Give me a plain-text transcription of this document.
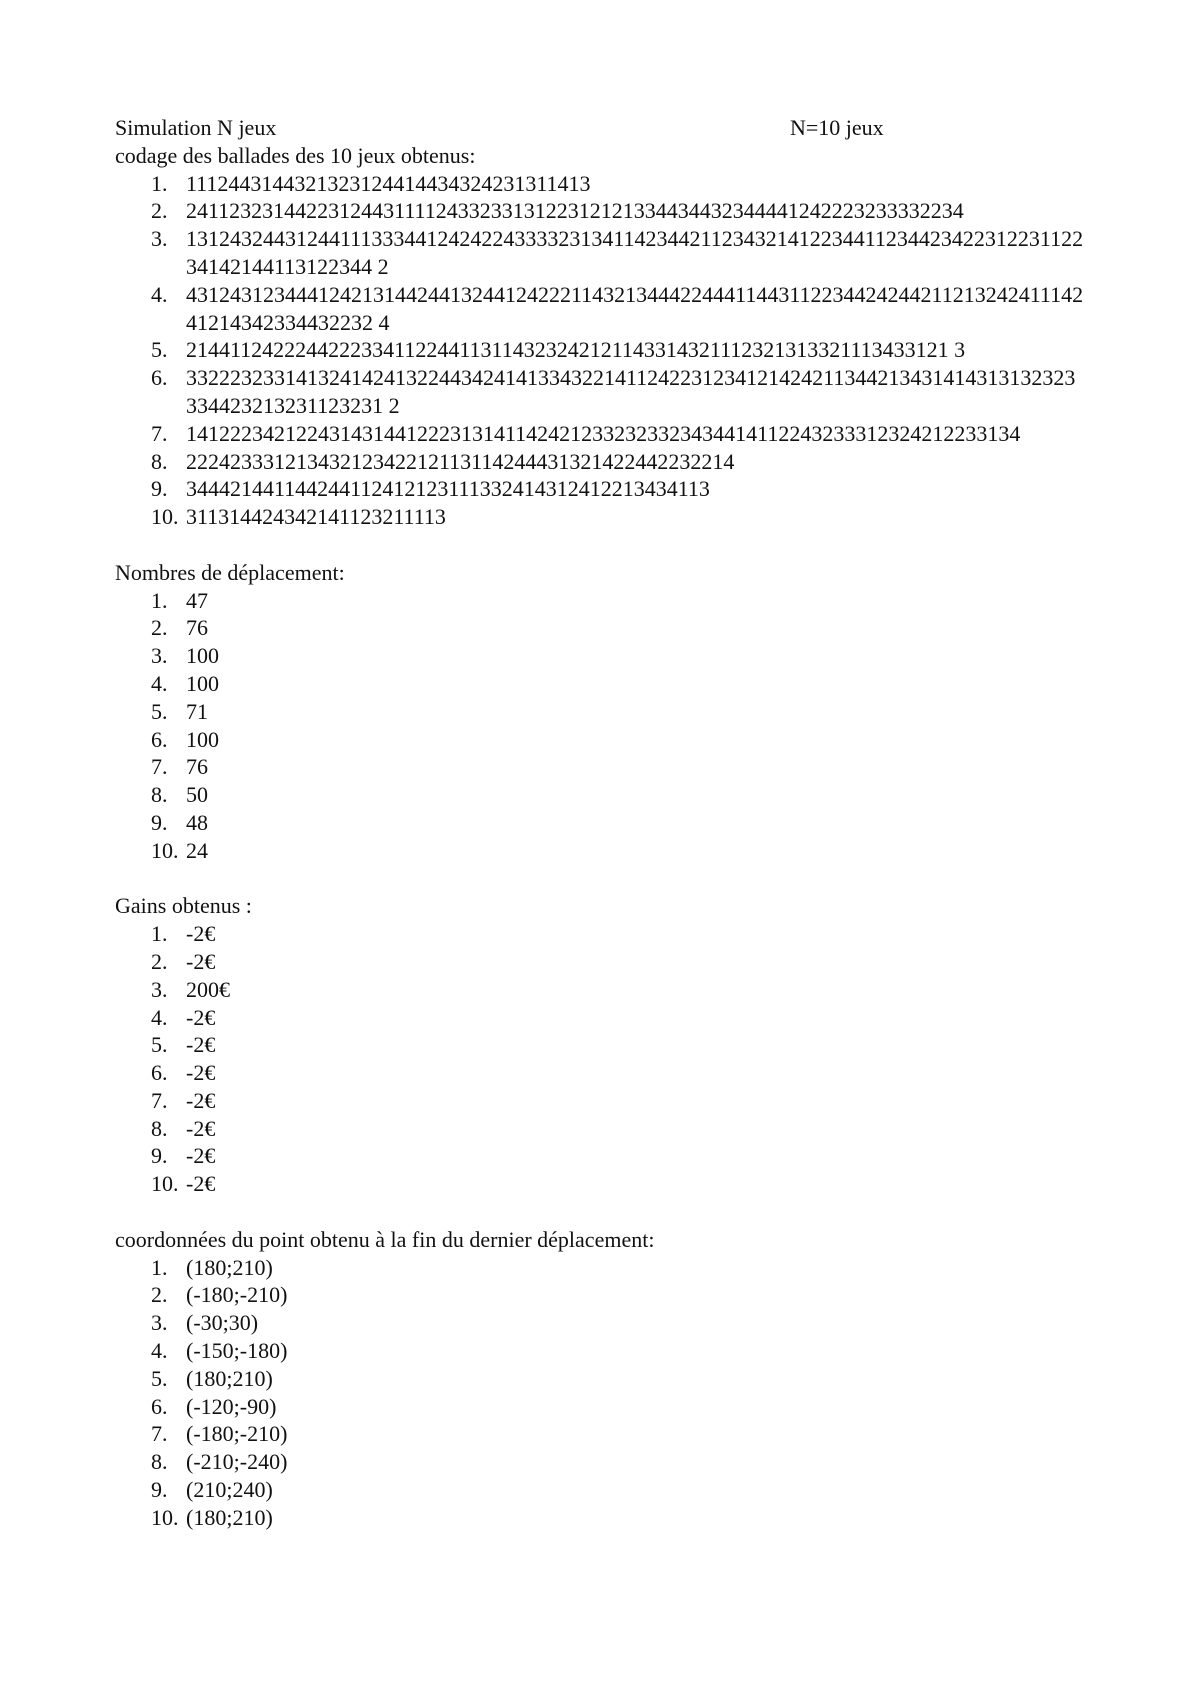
Simulation N jeux	N=10 jeux
codage des ballades des 10 jeux obtenus:
1. 1112443144321323124414434324231311413
2. 24112323144223124431111243323313122312121334434432344441242223233332234
3. 131243244312441113334412424224333323134114234421123432141223441123442342231223112234142144113122344 2
4. 431243123444124213144244132441242221143213444224441144311223442424421121324241114241214342334432232 4
5. 2144112422244222334112244113114323242121143314321112321313321113433121 3
6. 332223233141324142413224434241413343221411242231234121424211344213431414313132323334423213231123231 2
7. 1412223421224314314412223131411424212332323323434414112243233312324212233134
8. 22242333121343212342212113114244431321422442232214
9. 344421441144244112412123111332414312412213434113
10. 311314424342141123211113
Nombres de déplacement:
1. 47
2. 76
3. 100
4. 100
5. 71
6. 100
7. 76
8. 50
9. 48
10. 24
Gains obtenus :
1. -2€
2. -2€
3. 200€
4. -2€
5. -2€
6. -2€
7. -2€
8. -2€
9. -2€
10. -2€
coordonnées du point obtenu à la fin du dernier déplacement:
1. (180;210)
2. (-180;-210)
3. (-30;30)
4. (-150;-180)
5. (180;210)
6. (-120;-90)
7. (-180;-210)
8. (-210;-240)
9. (210;240)
10. (180;210)
